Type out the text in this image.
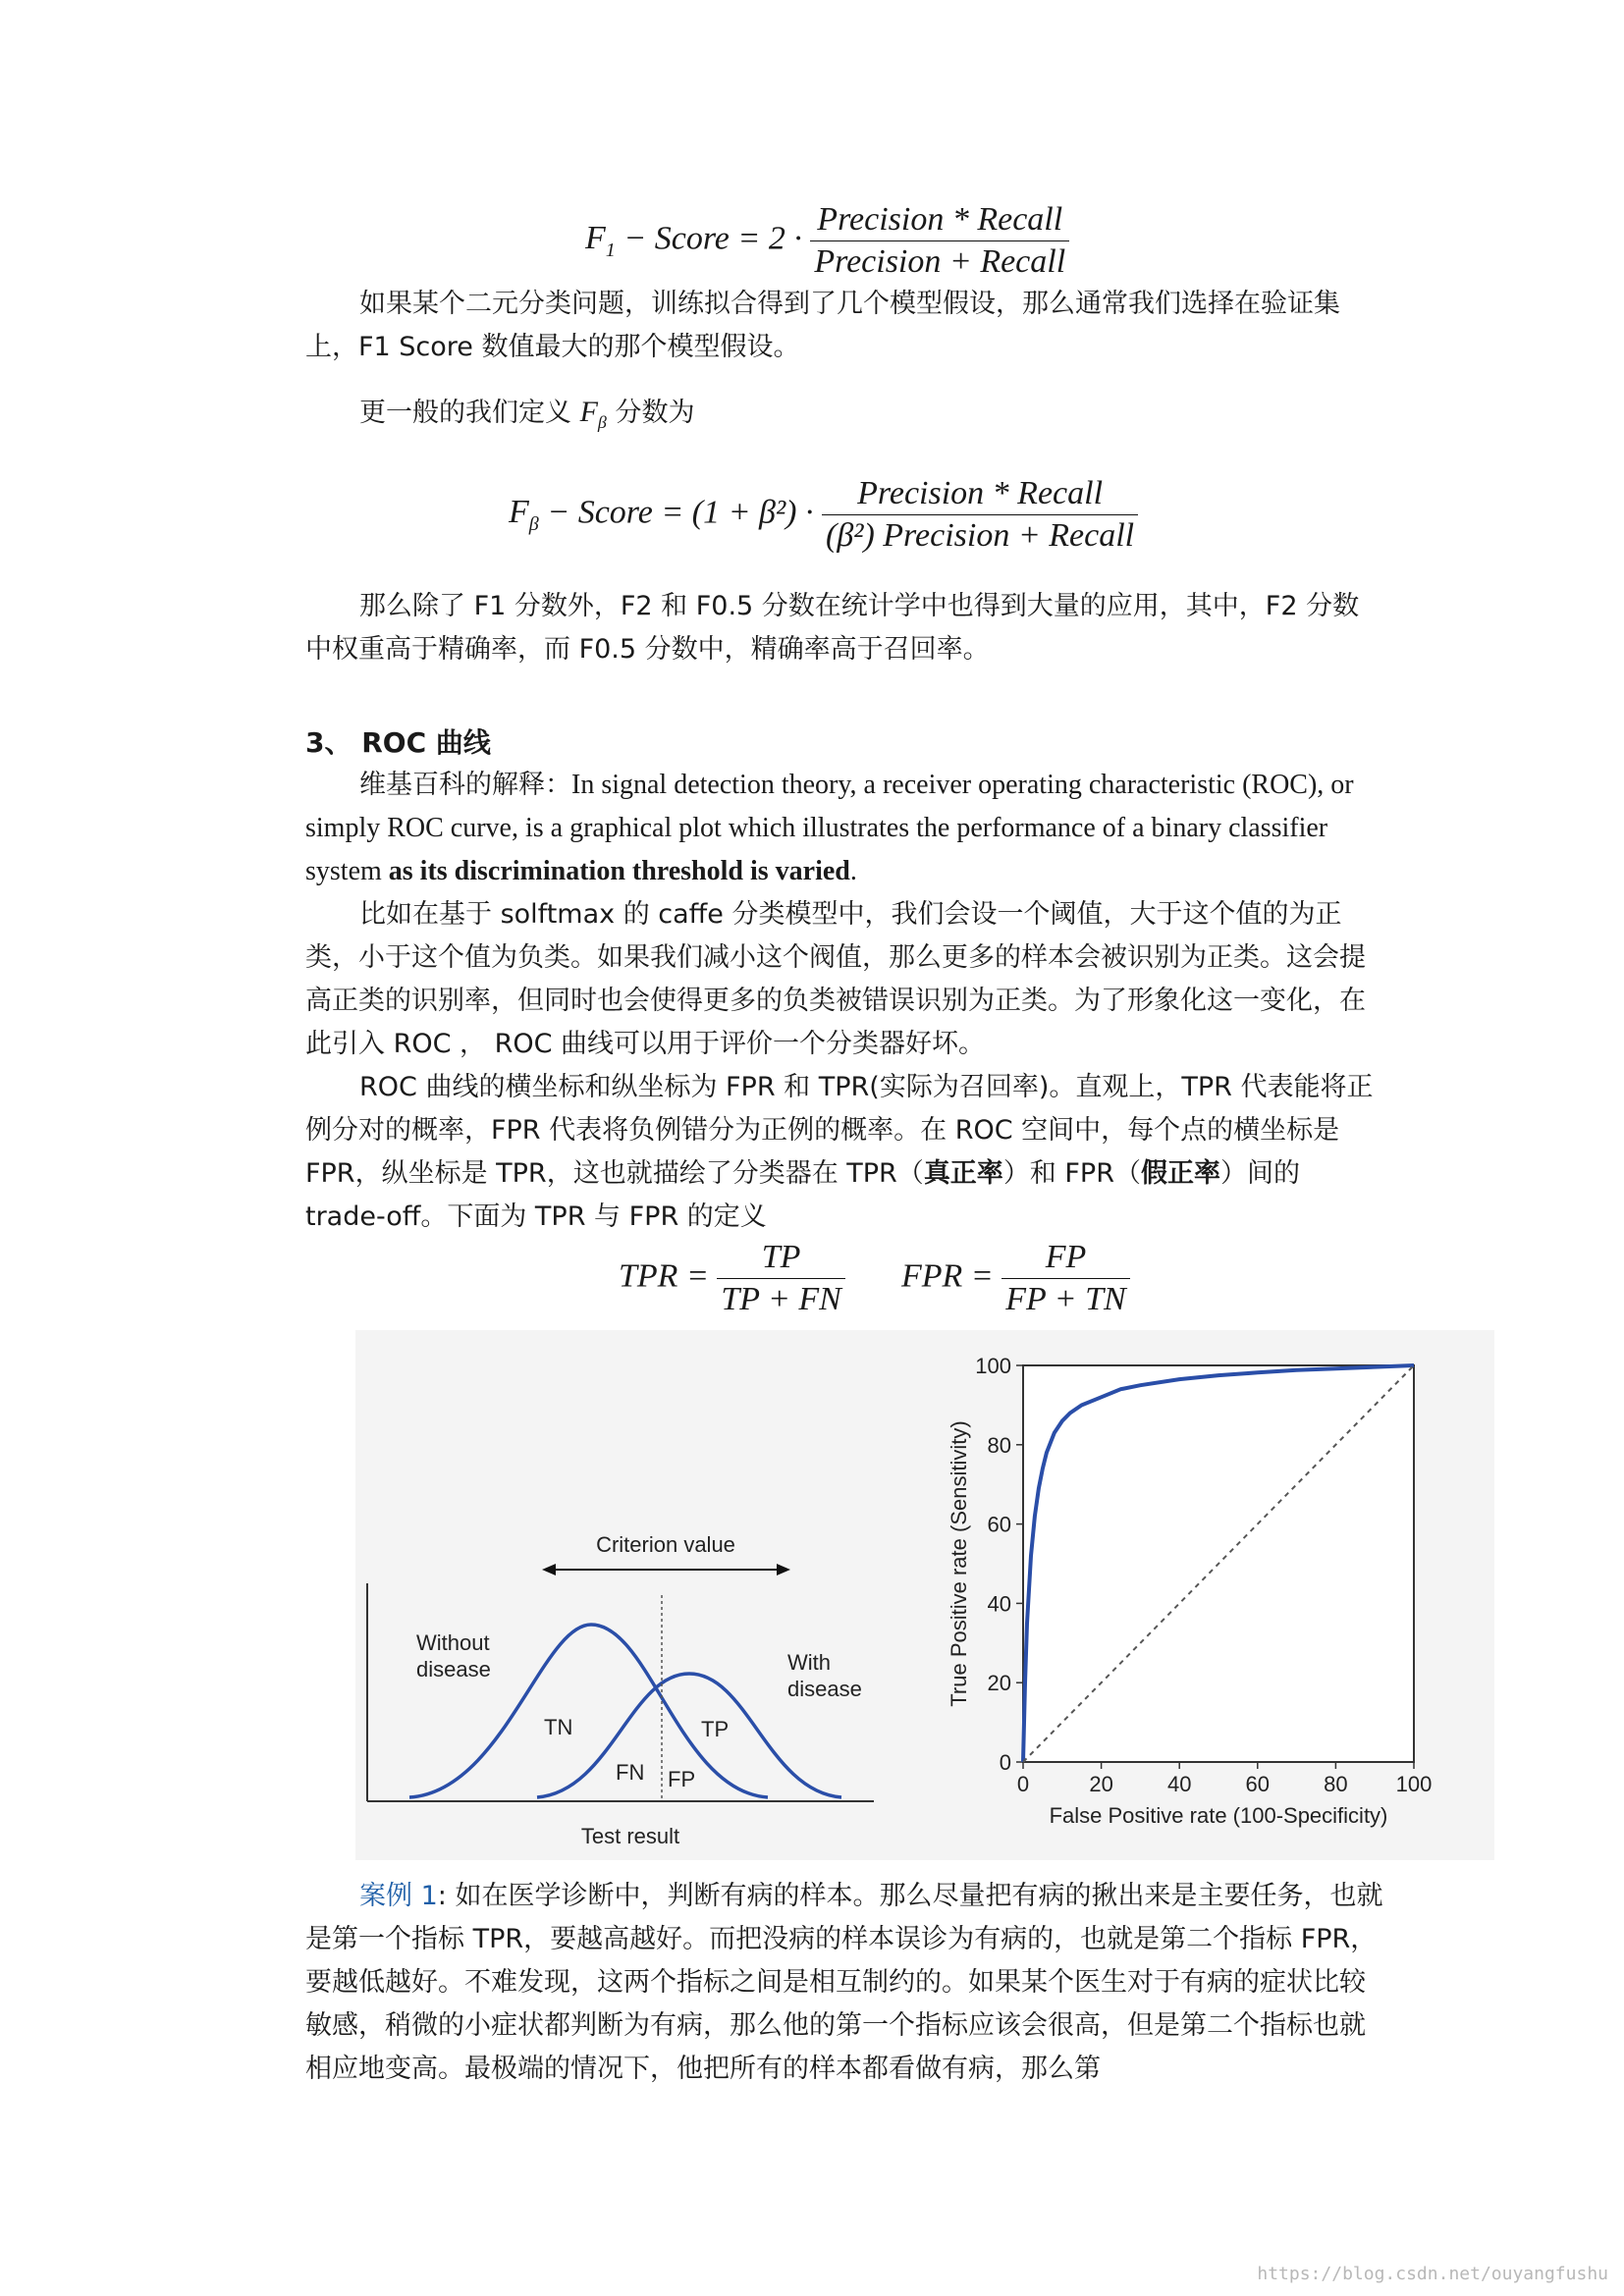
$F_1$ − Score = $2 \cdot \frac{\text{Precision * Recall}}{\text{Precision + Recall}}$
如果某个二元分类问题，训练拟合得到了几个模型假设，那么通常我们选择在验证集上，F1 Score 数值最大的那个模型假设。
更一般的我们定义 $F_\beta$ 分数为
$F_\beta$ − Score = $(1 + \beta^2) \cdot \frac{\text{Precision * Recall}}{\text{(β²) Precision + Recall}}$
那么除了 F1 分数外，F2 和 F0.5 分数在统计学中也得到大量的应用，其中，F2 分数中权重高于精确率，而 F0.5 分数中，精确率高于召回率。
3、 ROC 曲线
维基百科的解释：In signal detection theory, a receiver operating characteristic (ROC), or simply ROC curve, is a graphical plot which illustrates the performance of a binary classifier system as its discrimination threshold is varied.
比如在基于 solftmax 的 caffe 分类模型中，我们会设一个阈值，大于这个值的为正类，小于这个值为负类。如果我们减小这个阀值，那么更多的样本会被识别为正类。这会提高正类的识别率，但同时也会使得更多的负类被错误识别为正类。为了形象化这一变化，在此引入 ROC ， ROC 曲线可以用于评价一个分类器好坏。
ROC 曲线的横坐标和纵坐标为 FPR 和 TPR(实际为召回率)。直观上，TPR 代表能将正例分对的概率，FPR 代表将负例错分为正例的概率。在 ROC 空间中，每个点的横坐标是 FPR，纵坐标是 TPR，这也就描绘了分类器在 TPR（真正率）和 FPR（假正率）间的 trade-off。下面为 TPR 与 FPR 的定义
TPR = $\frac{TP}{TP + FN}$ FPR = $\frac{FP}{FP + TN}$
Criterion value
Without
disease	With
disease
TN	TP
FN FP
Test result
0	20	40	60	80 100
0
20
40
60
80
100
False Positive rate (100-Specificity)
True Positive rate (Sensitivity)
案例 1: 如在医学诊断中，判断有病的样本。那么尽量把有病的揪出来是主要任务，也就是第一个指标 TPR，要越高越好。而把没病的样本误诊为有病的，也就是第二个指标 FPR，要越低越好。不难发现，这两个指标之间是相互制约的。如果某个医生对于有病的症状比较敏感，稍微的小症状都判断为有病，那么他的第一个指标应该会很高，但是第二个指标也就相应地变高。最极端的情况下，他把所有的样本都看做有病，那么第
https://blog.csdn.net/ouyangfushu
